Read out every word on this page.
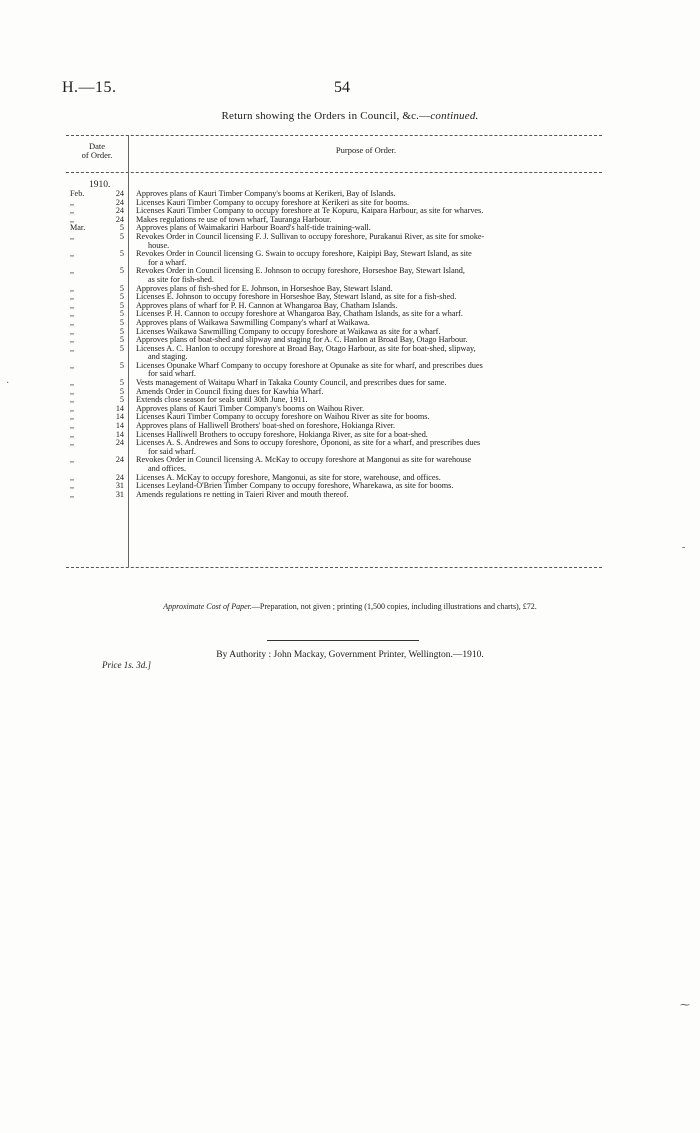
H.—15.	54
Return showing the Orders in Council, &c.—continued.
Date
of Order.	Purpose of Order.
1910.
Feb.	24 Approves plans of Kauri Timber Company's booms at Kerikeri, Bay of Islands.
,,	24 Licenses Kauri Timber Company to occupy foreshore at Kerikeri as site for booms.
,,	24 Licenses Kauri Timber Company to occupy foreshore at Te Kopuru, Kaipara Harbour, as site for wharves.
,,	24 Makes regulations re use of town wharf, Tauranga Harbour.
Mar.	5 Approves plans of Waimakariri Harbour Board's half-tide training-wall.
,,	5 Revokes Order in Council licensing F. J. Sullivan to occupy foreshore, Purakanui River, as site for smoke-
house.
,,	5 Revokes Order in Council licensing G. Swain to occupy foreshore, Kaipipi Bay, Stewart Island, as site
for a wharf.
,,	5 Revokes Order in Council licensing E. Johnson to occupy foreshore, Horseshoe Bay, Stewart Island,
as site for fish-shed.
,,	5 Approves plans of fish-shed for E. Johnson, in Horseshoe Bay, Stewart Island.
,,	5 Licenses E. Johnson to occupy foreshore in Horseshoe Bay, Stewart Island, as site for a fish-shed.
,,	5 Approves plans of wharf for P. H. Cannon at Whangaroa Bay, Chatham Islands.
,,	5 Licenses P. H. Cannon to occupy foreshore at Whangaroa Bay, Chatham Islands, as site for a wharf.
,,	5 Approves plans of Waikawa Sawmilling Company's wharf at Waikawa.
,,	5 Licenses Waikawa Sawmilling Company to occupy foreshore at Waikawa as site for a wharf.
,,	5 Approves plans of boat-shed and slipway and staging for A. C. Hanlon at Broad Bay, Otago Harbour.
,,	5 Licenses A. C. Hanlon to occupy foreshore at Broad Bay, Otago Harbour, as site for boat-shed, slipway,
and staging.
,,	5 Licenses Opunake Wharf Company to occupy foreshore at Opunake as site for wharf, and prescribes dues
for said wharf.
,,	5 Vests management of Waitapu Wharf in Takaka County Council, and prescribes dues for same.
,,	5 Amends Order in Council fixing dues for Kawhia Wharf.
,,	5 Extends close season for seals until 30th June, 1911.
,,	14 Approves plans of Kauri Timber Company's booms on Waihou River.
,,	14 Licenses Kauri Timber Company to occupy foreshore on Waihou River as site for booms.
,,	14 Approves plans of Halliwell Brothers' boat-shed on foreshore, Hokianga River.
,,	14 Licenses Halliwell Brothers to occupy foreshore, Hokianga River, as site for a boat-shed.
,,	24 Licenses A. S. Andrewes and Sons to occupy foreshore, Opononi, as site for a wharf, and prescribes dues
for said wharf.
,,	24 Revokes Order in Council licensing A. McKay to occupy foreshore at Mangonui as site for warehouse
and offices.
,,	24 Licenses A. McKay to occupy foreshore, Mangonui, as site for store, warehouse, and offices.
,,	31 Licenses Leyland-O'Brien Timber Company to occupy foreshore, Wharekawa, as site for booms.
,,	31 Amends regulations re netting in Taieri River and mouth thereof.
Approximate Cost of Paper.—Preparation, not given ; printing (1,500 copies, including illustrations and charts), £72.
By Authority : John Mackay, Government Printer, Wellington.—1910.
Price 1s. 3d.]
·
‐
⁓
